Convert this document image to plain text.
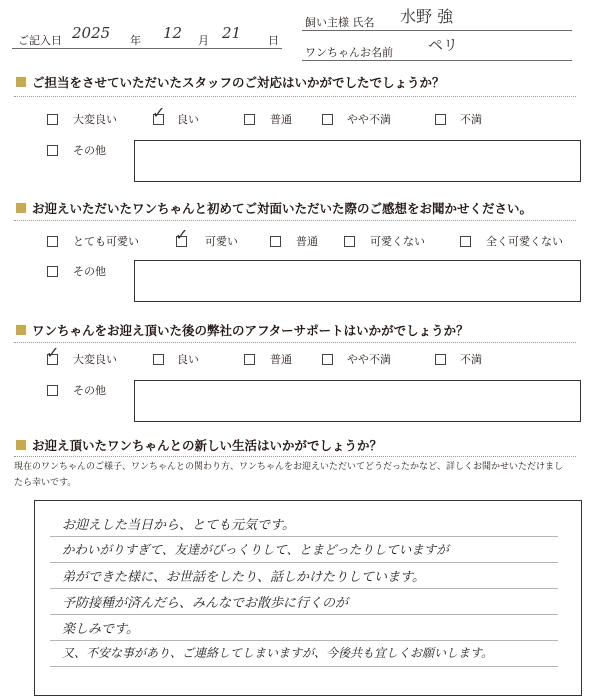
ご記入日 2025 年 12 月 21 日
飼い主様 氏名 水野 強
ワンちゃんお名前 ペリ
ご担当をさせていただいたスタッフのご対応はいかがでしたでしょうか？
大変良い ✓ 良い	普通	やや不満	不満
その他
お迎えいただいたワンちゃんと初めてご対面いただいた際のご感想をお聞かせください。
とても可愛い ✓ 可愛い	普通	可愛くない	全く可愛くない
その他
ワンちゃんをお迎え頂いた後の弊社のアフターサポートはいかがでしょうか？
✓ 大変良い	良い	普通	やや不満	不満
その他
お迎え頂いたワンちゃんとの新しい生活はいかがでしょうか？
現在のワンちゃんのご様子、ワンちゃんとの関わり方、ワンちゃんをお迎えいただいてどうだったかなど、詳しくお聞かせいただけまし
たら幸いです。
お迎えした当日から、とても元気です。
かわいがりすぎて、友達がびっくりして、とまどったりしていますが
弟ができた様に、お世話をしたり、話しかけたりしています。
予防接種が済んだら、みんなでお散歩に行くのが
楽しみです。
又、不安な事があり、ご連絡してしまいますが、今後共も宜しくお願いします。
